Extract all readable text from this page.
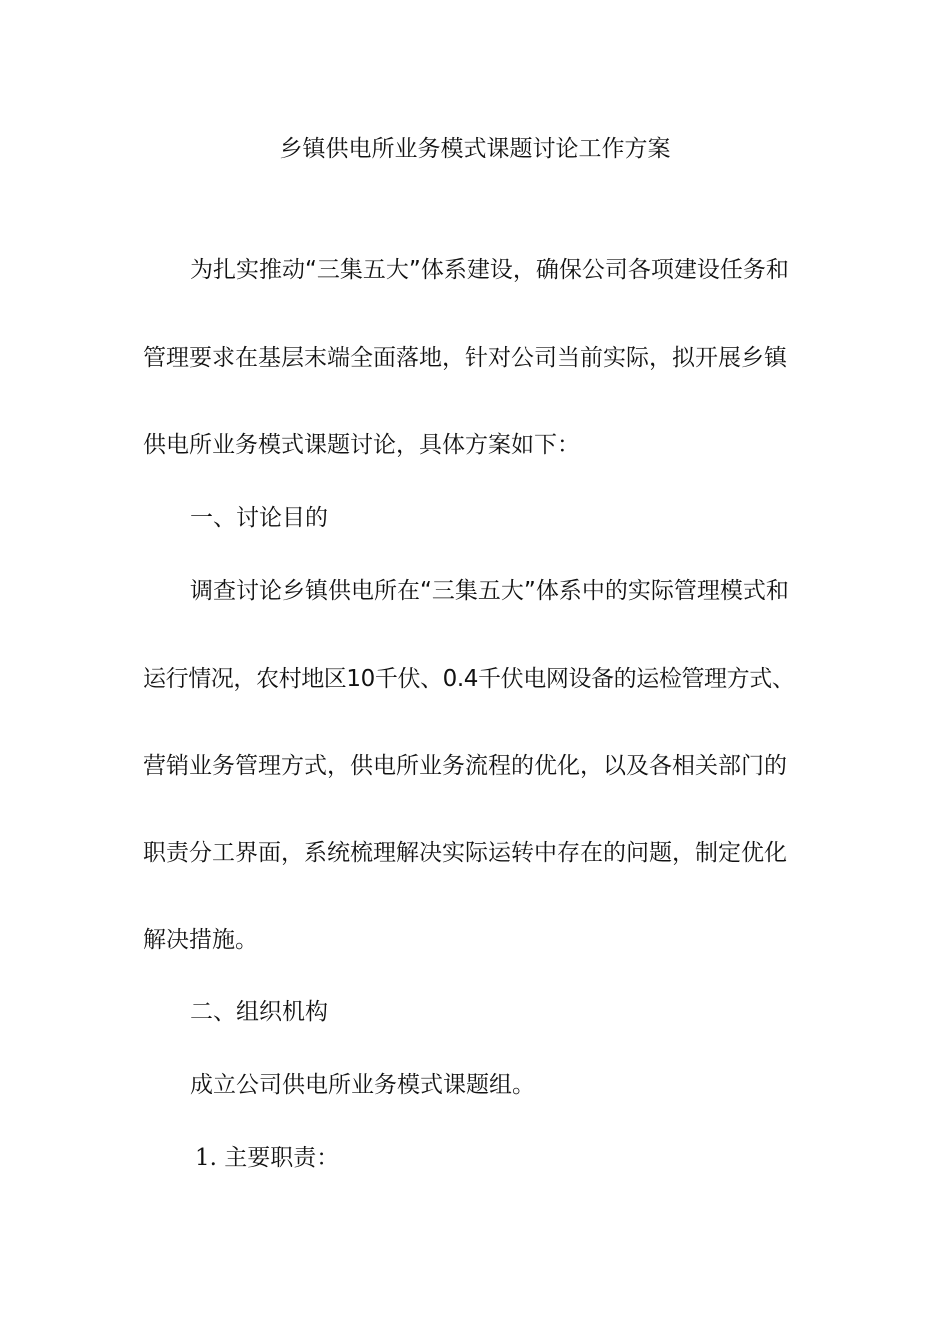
乡镇供电所业务模式课题讨论工作方案
为扎实推动“三集五大”体系建设，确保公司各项建设任务和
管理要求在基层末端全面落地，针对公司当前实际，拟开展乡镇
供电所业务模式课题讨论，具体方案如下：
一、讨论目的
调查讨论乡镇供电所在“三集五大”体系中的实际管理模式和
运行情况，农村地区10千伏、0.4千伏电网设备的运检管理方式、
营销业务管理方式，供电所业务流程的优化，以及各相关部门的
职责分工界面，系统梳理解决实际运转中存在的问题，制定优化
解决措施。
二、组织机构
成立公司供电所业务模式课题组。
1. 主要职责：
